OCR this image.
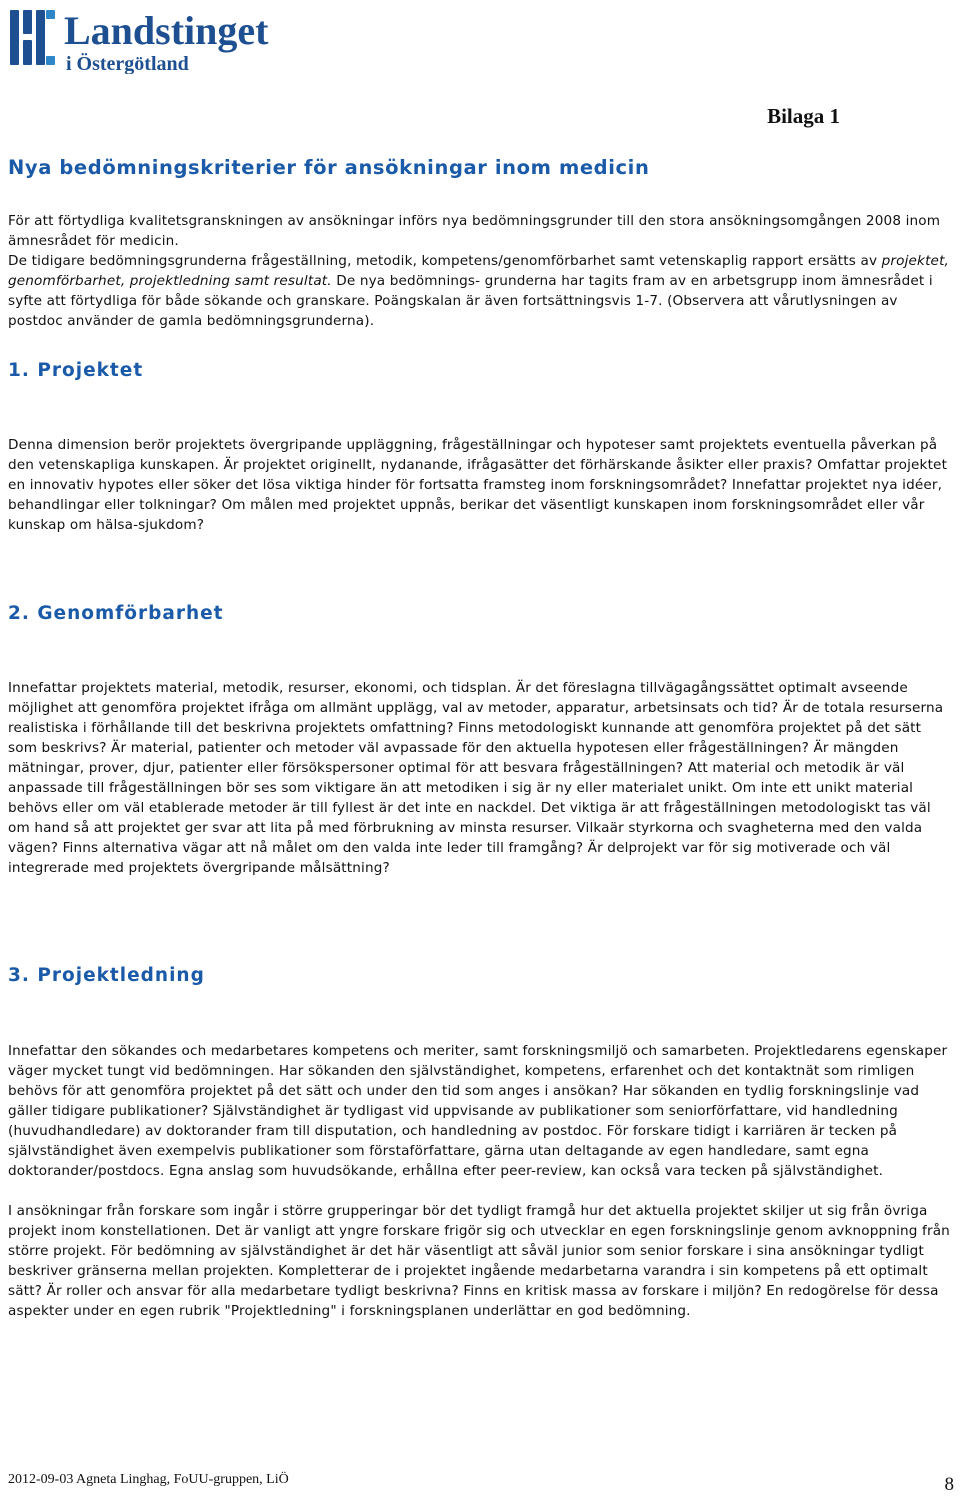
Landstinget
i Östergötland
Bilaga 1
Nya bedömningskriterier för ansökningar inom medicin

För att förtydliga kvalitetsgranskningen av ansökningar införs nya bedömningsgrunder till den stora ansökningsomgången 2008 inom ämnesrådet för medicin.

De tidigare bedömningsgrunderna frågeställning, metodik, kompetens/genomförbarhet samt vetenskaplig rapport ersätts av projektet, genomförbarhet, projektledning samt resultat. De nya bedömnings- grunderna har tagits fram av en arbetsgrupp inom ämnesrådet i syfte att förtydliga för både sökande och granskare. Poängskalan är även fortsättningsvis 1-7. (Observera att vårutlysningen av postdoc använder de gamla bedömningsgrunderna).

1. Projektet

Denna dimension berör projektets övergripande uppläggning, frågeställningar och hypoteser samt projektets eventuella påverkan på den vetenskapliga kunskapen. Är projektet originellt, nydanande, ifrågasätter det förhärskande åsikter eller praxis? Omfattar projektet en innovativ hypotes eller söker det lösa viktiga hinder för fortsatta framsteg inom forskningsområdet? Innefattar projektet nya idéer, behandlingar eller tolkningar? Om målen med projektet uppnås, berikar det väsentligt kunskapen inom forskningsområdet eller vår kunskap om hälsa-sjukdom?

2. Genomförbarhet

Innefattar projektets material, metodik, resurser, ekonomi, och tidsplan. Är det föreslagna tillvägagångssättet optimalt avseende möjlighet att genomföra projektet ifråga om allmänt upplägg, val av metoder, apparatur, arbetsinsats och tid? Är de totala resurserna realistiska i förhållande till det beskrivna projektets omfattning? Finns metodologiskt kunnande att genomföra projektet på det sätt som beskrivs? Är material, patienter och metoder väl avpassade för den aktuella hypotesen eller frågeställningen? Är mängden mätningar, prover, djur, patienter eller försökspersoner optimal för att besvara frågeställningen? Att material och metodik är väl anpassade till frågeställningen bör ses som viktigare än att metodiken i sig är ny eller materialet unikt. Om inte ett unikt material behövs eller om väl etablerade metoder är till fyllest är det inte en nackdel. Det viktiga är att frågeställningen metodologiskt tas väl om hand så att projektet ger svar att lita på med förbrukning av minsta resurser. Vilkaär styrkorna och svagheterna med den valda vägen? Finns alternativa vägar att nå målet om den valda inte leder till framgång? Är delprojekt var för sig motiverade och väl integrerade med projektets övergripande målsättning?

3. Projektledning

Innefattar den sökandes och medarbetares kompetens och meriter, samt forskningsmiljö och samarbeten. Projektledarens egenskaper väger mycket tungt vid bedömningen. Har sökanden den självständighet, kompetens, erfarenhet och det kontaktnät som rimligen behövs för att genomföra projektet på det sätt och under den tid som anges i ansökan? Har sökanden en tydlig forskningslinje vad gäller tidigare publikationer? Självständighet är tydligast vid uppvisande av publikationer som seniorförfattare, vid handledning (huvudhandledare) av doktorander fram till disputation, och handledning av postdoc. För forskare tidigt i karriären är tecken på självständighet även exempelvis publikationer som förstaförfattare, gärna utan deltagande av egen handledare, samt egna doktorander/postdocs. Egna anslag som huvudsökande, erhållna efter peer-review, kan också vara tecken på självständighet.

I ansökningar från forskare som ingår i större grupperingar bör det tydligt framgå hur det aktuella projektet skiljer ut sig från övriga projekt inom konstellationen. Det är vanligt att yngre forskare frigör sig och utvecklar en egen forskningslinje genom avknoppning från större projekt. För bedömning av självständighet är det här väsentligt att såväl junior som senior forskare i sina ansökningar tydligt beskriver gränserna mellan projekten. Kompletterar de i projektet ingående medarbetarna varandra i sin kompetens på ett optimalt sätt? Är roller och ansvar för alla medarbetare tydligt beskrivna? Finns en kritisk massa av forskare i miljön? En redogörelse för dessa aspekter under en egen rubrik "Projektledning" i forskningsplanen underlättar en god bedömning.

2012-09-03 Agneta Linghag, FoUU-gruppen, LiÖ	8
